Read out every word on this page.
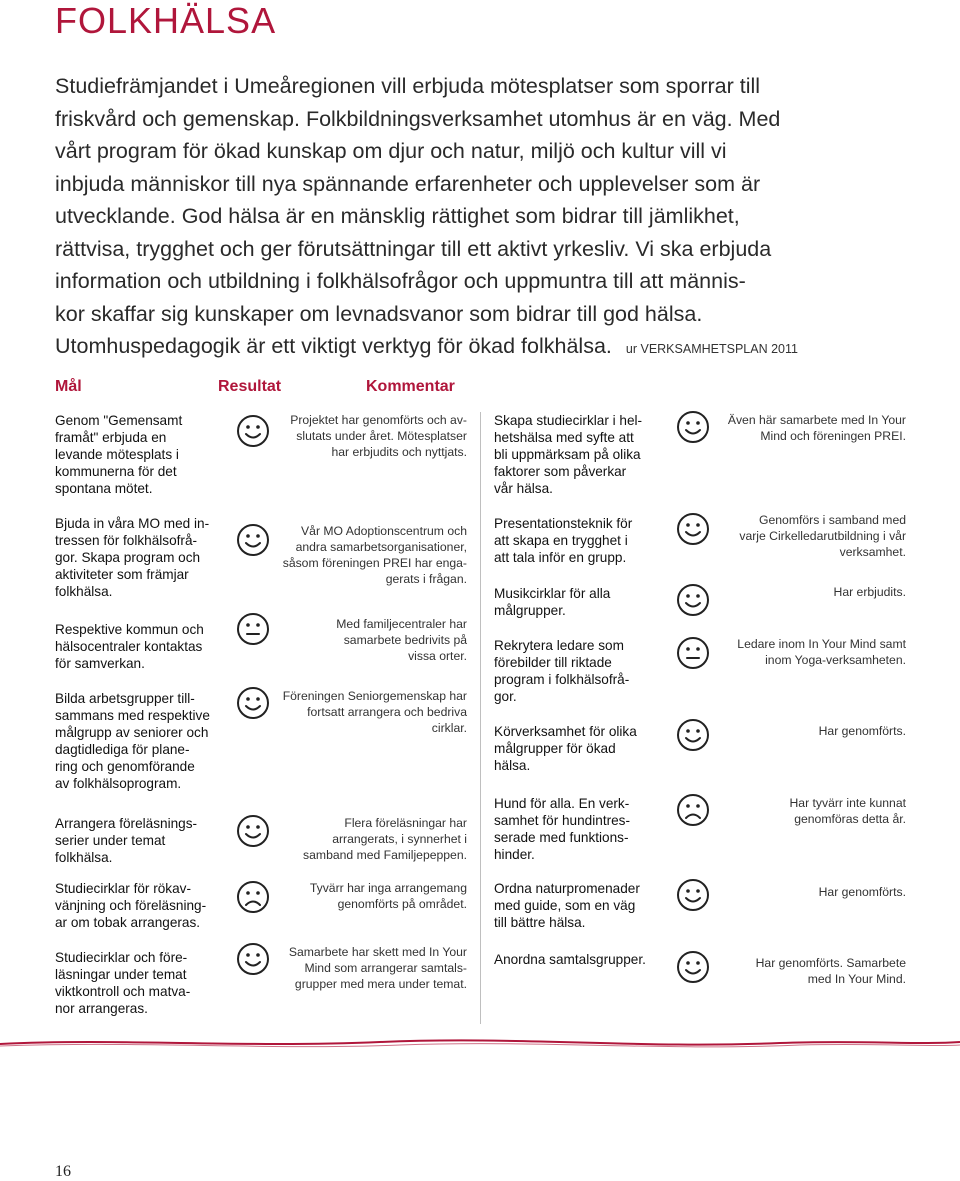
FOLKHÄLSA
Studiefrämjandet i Umeåregionen vill erbjuda mötesplatser som sporrar till
friskvård och gemenskap. Folkbildningsverksamhet utomhus är en väg. Med
vårt program för ökad kunskap om djur och natur, miljö och kultur vill vi
inbjuda människor till nya spännande erfarenheter och upplevelser som är
utvecklande. God hälsa är en mänsklig rättighet som bidrar till jämlikhet,
rättvisa, trygghet och ger förutsättningar till ett aktivt yrkesliv. Vi ska erbjuda
information och utbildning i folkhälsofrågor och uppmuntra till att männis-
kor skaffar sig kunskaper om levnadsvanor som bidrar till god hälsa.
Utomhuspedagogik är ett viktigt verktyg för ökad folkhälsa. ur VERKSAMHETSPLAN 2011
Mål	Resultat	Kommentar
Genom "Gemensamt
framåt" erbjuda en
levande mötesplats i
kommunerna för det
spontana mötet.
Bjuda in våra MO med in-
tressen för folkhälsofrå-
gor. Skapa program och
aktiviteter som främjar
folkhälsa.
Respektive kommun och
hälsocentraler kontaktas
för samverkan.
Bilda arbetsgrupper till-
sammans med respektive
målgrupp av seniorer och
dagtidlediga för plane-
ring och genomförande
av folkhälsoprogram.
Arrangera föreläsnings-
serier under temat
folkhälsa.
Studiecirklar för rökav-
vänjning och föreläsning-
ar om tobak arrangeras.
Studiecirklar och före-
läsningar under temat
viktkontroll och matva-
nor arrangeras.
Projektet har genomförts och av-
slutats under året. Mötesplatser
har erbjudits och nyttjats.
Vår MO Adoptionscentrum och
andra samarbetsorganisationer,
såsom föreningen PREI har enga-
gerats i frågan.
Med familjecentraler har
samarbete bedrivits på
vissa orter.
Föreningen Seniorgemenskap har
fortsatt arrangera och bedriva
cirklar.
Flera föreläsningar har
arrangerats, i synnerhet i
samband med Familjepeppen.
Tyvärr har inga arrangemang
genomförts på området.
Samarbete har skett med In Your
Mind som arrangerar samtals-
grupper med mera under temat.
Skapa studiecirklar i hel-
hetshälsa med syfte att
bli uppmärksam på olika
faktorer som påverkar
vår hälsa.
Presentationsteknik för
att skapa en trygghet i
att tala inför en grupp.
Musikcirklar för alla
målgrupper.
Rekrytera ledare som
förebilder till riktade
program i folkhälsofrå-
gor.
Körverksamhet för olika
målgrupper för ökad
hälsa.
Hund för alla. En verk-
samhet för hundintres-
serade med funktions-
hinder.
Ordna naturpromenader
med guide, som en väg
till bättre hälsa.
Anordna samtalsgrupper.
Även här samarbete med In Your
Mind och föreningen PREI.
Genomförs i samband med
varje Cirkelledarutbildning i vår
verksamhet.
Har erbjudits.
Ledare inom In Your Mind samt
inom Yoga-verksamheten.
Har genomförts.
Har tyvärr inte kunnat
genomföras detta år.
Har genomförts.
Har genomförts. Samarbete
med In Your Mind.
16
